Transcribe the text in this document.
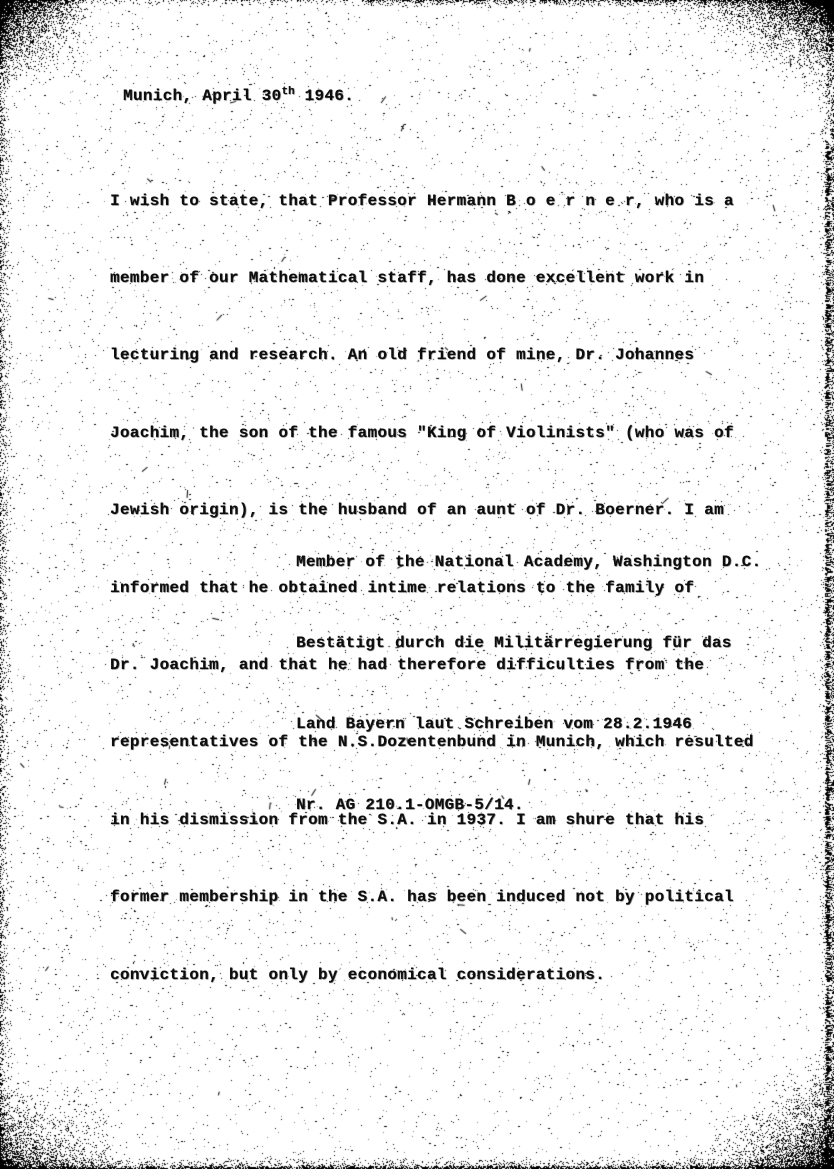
Munich, April 30th 1946.

I wish to state, that Professor Hermann B o e r n e r, who is a

member of our Mathematical staff, has done excellent work in

lecturing and research. An old friend of mine, Dr. Johannes

Joachim, the son of the famous "King of Violinists" (who was of

Jewish origin), is the husband of an aunt of Dr. Boerner. I am

informed that he obtained intime relations to the family of

Dr. Joachim, and that he had therefore difficulties from the

representatives of the N.S.Dozentenbund in Munich, which resulted

in his dismission from the S.A. in 1937. I am shure that his

former membership in the S.A. has been induced not by political

conviction, but only by economical considerations.

Member of the National Academy, Washington D.C.

Bestätigt durch die Militärregierung für das

Land Bayern laut Schreiben vom 28.2.1946

Nr. AG 210.1-OMGB-5/14.
